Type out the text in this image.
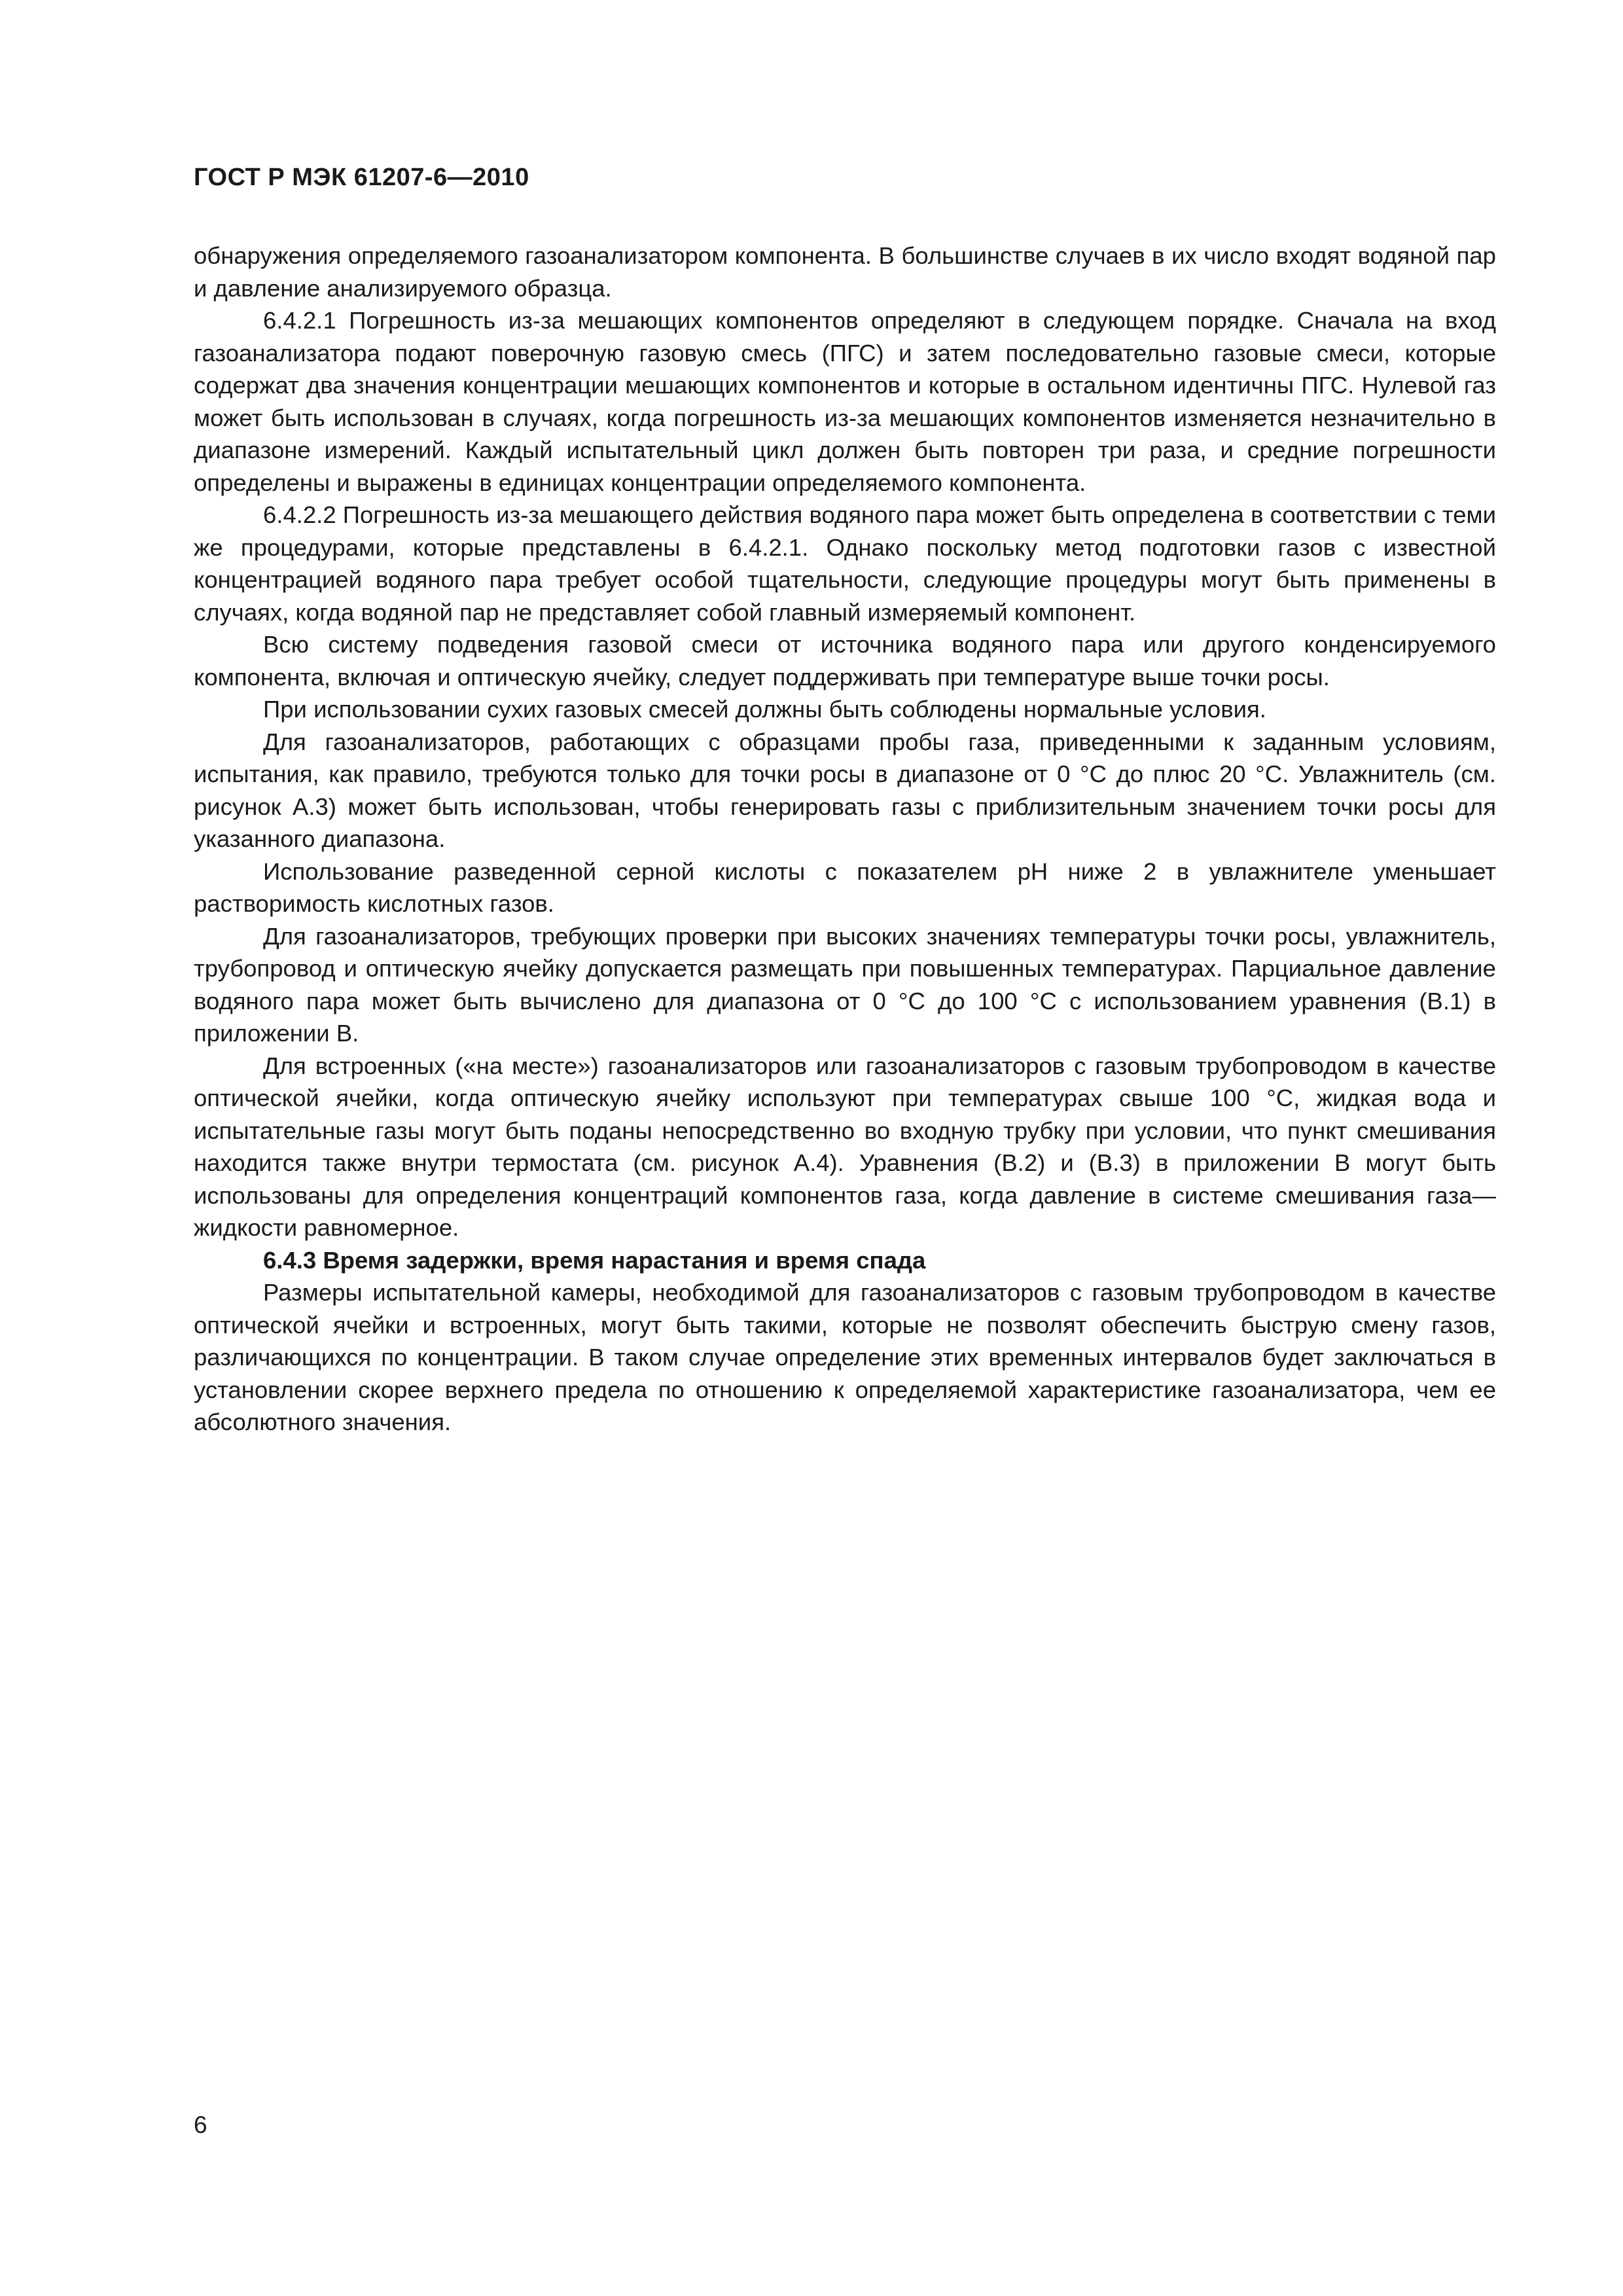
ГОСТ Р МЭК 61207-6—2010

обнаружения определяемого газоанализатором компонента. В большинстве случаев в их число входят водяной пар и давление анализируемого образца.

6.4.2.1 Погрешность из-за мешающих компонентов определяют в следующем порядке. Сначала на вход газоанализатора подают поверочную газовую смесь (ПГС) и затем последовательно газовые смеси, которые содержат два значения концентрации мешающих компонентов и которые в остальном идентичны ПГС. Нулевой газ может быть использован в случаях, когда погрешность из-за мешающих компонентов изменяется незначительно в диапазоне измерений. Каждый испытательный цикл должен быть повторен три раза, и средние погрешности определены и выражены в единицах концентрации определяемого компонента.

6.4.2.2 Погрешность из-за мешающего действия водяного пара может быть определена в соответствии с теми же процедурами, которые представлены в 6.4.2.1. Однако поскольку метод подготовки газов с известной концентрацией водяного пара требует особой тщательности, следующие процедуры могут быть применены в случаях, когда водяной пар не представляет собой главный измеряемый компонент.

Всю систему подведения газовой смеси от источника водяного пара или другого конденсируемого компонента, включая и оптическую ячейку, следует поддерживать при температуре выше точки росы.

При использовании сухих газовых смесей должны быть соблюдены нормальные условия.

Для газоанализаторов, работающих с образцами пробы газа, приведенными к заданным условиям, испытания, как правило, требуются только для точки росы в диапазоне от 0 °С до плюс 20 °С. Увлажнитель (см. рисунок А.3) может быть использован, чтобы генерировать газы с приблизительным значением точки росы для указанного диапазона.

Использование разведенной серной кислоты с показателем pH ниже 2 в увлажнителе уменьшает растворимость кислотных газов.

Для газоанализаторов, требующих проверки при высоких значениях температуры точки росы, увлажнитель, трубопровод и оптическую ячейку допускается размещать при повышенных температурах. Парциальное давление водяного пара может быть вычислено для диапазона от 0 °С до 100 °С с использованием уравнения (В.1) в приложении В.

Для встроенных («на месте») газоанализаторов или газоанализаторов с газовым трубопроводом в качестве оптической ячейки, когда оптическую ячейку используют при температурах свыше 100 °С, жидкая вода и испытательные газы могут быть поданы непосредственно во входную трубку при условии, что пункт смешивания находится также внутри термостата (см. рисунок А.4). Уравнения (В.2) и (В.3) в приложении В могут быть использованы для определения концентраций компонентов газа, когда давление в системе смешивания газа—жидкости равномерное.

6.4.3 Время задержки, время нарастания и время спада

Размеры испытательной камеры, необходимой для газоанализаторов с газовым трубопроводом в качестве оптической ячейки и встроенных, могут быть такими, которые не позволят обеспечить быструю смену газов, различающихся по концентрации. В таком случае определение этих временных интервалов будет заключаться в установлении скорее верхнего предела по отношению к определяемой характеристике газоанализатора, чем ее абсолютного значения.

6
